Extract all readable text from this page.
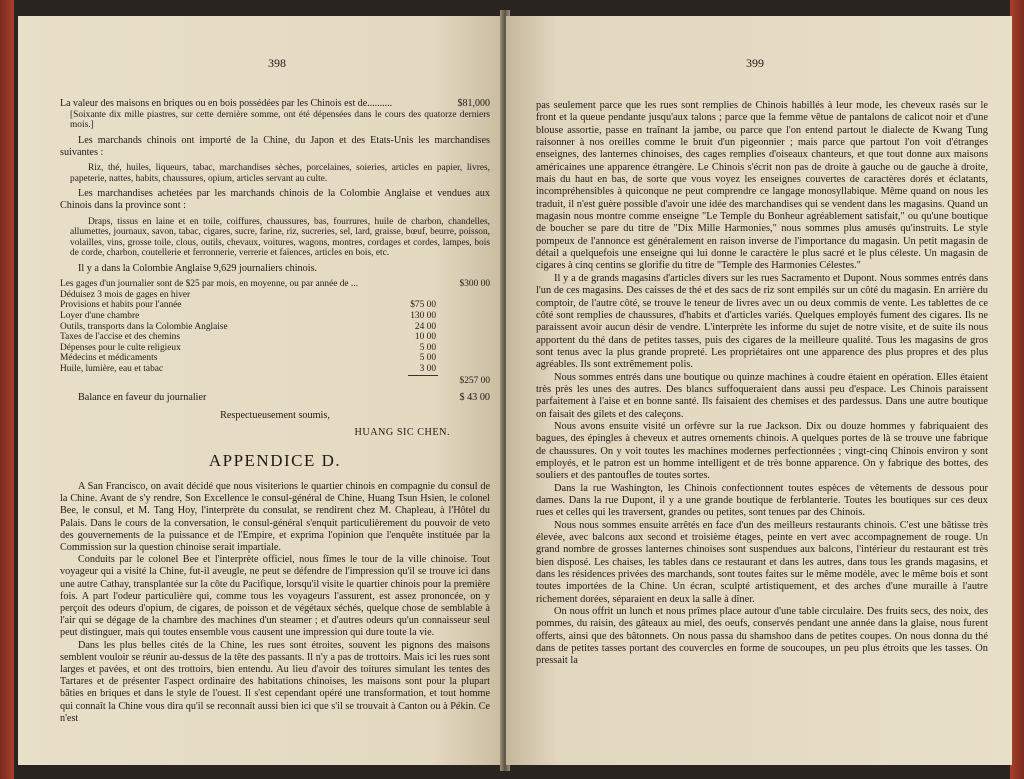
398
La valeur des maisons en briques ou en bois possédées par les Chinois est de..........	$81,000

[Soixante dix mille piastres, sur cette dernière somme, ont été dépensées dans le cours des quatorze derniers mois.]

Les marchands chinois ont importé de la Chine, du Japon et des Etats-Unis les marchandises suivantes :

Riz, thé, huiles, liqueurs, tabac, marchandises sèches, porcelaines, soieries, articles en papier, livres, papeterie, nattes, habits, chaussures, opium, articles servant au culte.

Les marchandises achetées par les marchands chinois de la Colombie Anglaise et vendues aux Chinois dans la province sont :

Draps, tissus en laine et en toile, coiffures, chaussures, bas, fourrures, huile de charbon, chandelles, allumettes, journaux, savon, tabac, cigares, sucre, farine, riz, sucreries, sel, lard, graisse, bœuf, beurre, poisson, volailles, vins, grosse toile, clous, outils, chevaux, voitures, wagons, montres, cordages et cordes, lampes, bois de corde, charbon, coutellerie et ferronnerie, verrerie et faïences, articles en bois, etc.

Il y a dans la Colombie Anglaise 9,629 journaliers chinois.

Les gages d'un journalier sont de $25 par mois, en moyenne, ou par année de ...	$300 00
Déduisez 3 mois de gages en hiver
Provisions et habits pour l'année	$75 00
Loyer d'une chambre	130 00
Outils, transports dans la Colombie Anglaise	24 00
Taxes de l'accise et des chemins	10 00
Dépenses pour le culte religieux	5 00
Médecins et médicaments	5 00
Huile, lumière, eau et tabac	3 00
$257 00
Balance en faveur du journalier	$ 43 00

Respectueusement soumis,

HUANG SIC CHEN.

APPENDICE D.

A San Francisco, on avait décidé que nous visiterions le quartier chinois en compagnie du consul de la Chine. Avant de s'y rendre, Son Excellence le consul-général de Chine, Huang Tsun Hsien, le colonel Bee, le consul, et M. Tang Hoy, l'interprète du consulat, se rendirent chez M. Chapleau, à l'Hôtel du Palais. Dans le cours de la conversation, le consul-général s'enquit particulièrement du pouvoir de veto des gouvernements de la puissance et de l'Empire, et exprima l'opinion que l'enquête instituée par la Commission sur la question chinoise serait impartiale.

Conduits par le colonel Bee et l'interprète officiel, nous fîmes le tour de la ville chinoise. Tout voyageur qui a visité la Chine, fut-il aveugle, ne peut se défendre de l'impression qu'il se trouve ici dans une autre Cathay, transplantée sur la côte du Pacifique, lorsqu'il visite le quartier chinois pour la première fois. A part l'odeur particulière qui, comme tous les voyageurs l'assurent, est assez prononcée, on y perçoit des odeurs d'opium, de cigares, de poisson et de végétaux séchés, quelque chose de semblable à l'air qui se dégage de la chambre des machines d'un steamer ; et d'autres odeurs qu'un connaisseur seul peut distinguer, mais qui toutes ensemble vous causent une impression qui dure toute la vie.

Dans les plus belles cités de la Chine, les rues sont étroites, souvent les pignons des maisons semblent vouloir se réunir au-dessus de la tête des passants. Il n'y a pas de trottoirs. Mais ici les rues sont larges et pavées, et ont des trottoirs, bien entendu. Au lieu d'avoir des toitures simulant les tentes des Tartares et de présenter l'aspect ordinaire des habitations chinoises, les maisons sont pour la plupart bâties en briques et dans le style de l'ouest. Il s'est cependant opéré une transformation, et tout homme qui connaît la Chine vous dira qu'il se reconnaît aussi bien ici que s'il se trouvait à Canton ou à Pékin. Ce n'est

399

pas seulement parce que les rues sont remplies de Chinois habillés à leur mode, les cheveux rasés sur le front et la queue pendante jusqu'aux talons ; parce que la femme vêtue de pantalons de calicot noir et d'une blouse assortie, passe en traînant la jambe, ou parce que l'on entend partout le dialecte de Kwang Tung raisonner à nos oreilles comme le bruit d'un pigeonnier ; mais parce que partout l'on voit d'étranges enseignes, des lanternes chinoises, des cages remplies d'oiseaux chanteurs, et que tout donne aux maisons américaines une apparence étrangère. Le Chinois s'écrit non pas de droite à gauche ou de gauche à droite, mais du haut en bas, de sorte que vous voyez les enseignes couvertes de caractères dorés et éclatants, incompréhensibles à quiconque ne peut comprendre ce langage monosyllabique. Même quand on nous les traduit, il n'est guère possible d'avoir une idée des marchandises qui se vendent dans les magasins. Quand un magasin nous montre comme enseigne "Le Temple du Bonheur agréablement satisfait," ou qu'une boutique de boucher se pare du titre de "Dix Mille Harmonies," nous sommes plus amusés qu'instruits. Le style pompeux de l'annonce est généralement en raison inverse de l'importance du magasin. Un petit magasin de détail a quelquefois une enseigne qui lui donne le caractère le plus sacré et le plus céleste. Un magasin de cigares à cinq centins se glorifie du titre de "Temple des Harmonies Célestes."

Il y a de grands magasins d'articles divers sur les rues Sacramento et Dupont. Nous sommes entrés dans l'un de ces magasins. Des caisses de thé et des sacs de riz sont empilés sur un côté du magasin. En arrière du comptoir, de l'autre côté, se trouve le teneur de livres avec un ou deux commis de vente. Les tablettes de ce côté sont remplies de chaussures, d'habits et d'articles variés. Quelques employés fument des cigares. Ils ne paraissent avoir aucun désir de vendre. L'interprète les informe du sujet de notre visite, et de suite ils nous apportent du thé dans de petites tasses, puis des cigares de la meilleure qualité. Tous les magasins de gros sont tenus avec la plus grande propreté. Les propriétaires ont une apparence des plus propres et des plus agréables. Ils sont extrêmement polis.

Nous sommes entrés dans une boutique ou quinze machines à coudre étaient en opération. Elles étaient très près les unes des autres. Des blancs suffoqueraient dans aussi peu d'espace. Les Chinois paraissent parfaitement à l'aise et en bonne santé. Ils faisaient des chemises et des pardessus. Dans une autre boutique on faisait des gilets et des caleçons.

Nous avons ensuite visité un orfèvre sur la rue Jackson. Dix ou douze hommes y fabriquaient des bagues, des épingles à cheveux et autres ornements chinois. A quelques portes de là se trouve une fabrique de chaussures. On y voit toutes les machines modernes perfectionnées ; vingt-cinq Chinois environ y sont employés, et le patron est un homme intelligent et de très bonne apparence. On y fabrique des bottes, des souliers et des pantoufles de toutes sortes.

Dans la rue Washington, les Chinois confectionnent toutes espèces de vêtements de dessous pour dames. Dans la rue Dupont, il y a une grande boutique de ferblanterie. Toutes les boutiques sur ces deux rues et celles qui les traversent, grandes ou petites, sont tenues par des Chinois.

Nous nous sommes ensuite arrêtés en face d'un des meilleurs restaurants chinois. C'est une bâtisse très élevée, avec balcons aux second et troisième étages, peinte en vert avec accompagnement de rouge. Un grand nombre de grosses lanternes chinoises sont suspendues aux balcons, l'intérieur du restaurant est très bien disposé. Les chaises, les tables dans ce restaurant et dans les autres, dans tous les grands magasins, et dans les résidences privées des marchands, sont toutes faites sur le même modèle, avec le même bois et sont toutes importées de la Chine. Un écran, sculpté artistiquement, et des arches d'une muraille à l'autre richement dorées, séparaient en deux la salle à dîner.

On nous offrit un lunch et nous prîmes place autour d'une table circulaire. Des fruits secs, des noix, des pommes, du raisin, des gâteaux au miel, des oeufs, conservés pendant une année dans la glaise, nous furent offerts, ainsi que des bâtonnets. On nous passa du shamshoo dans de petites coupes. On nous donna du thé dans de petites tasses portant des couvercles en forme de soucoupes, un peu plus étroits que les tasses. On pressait la
